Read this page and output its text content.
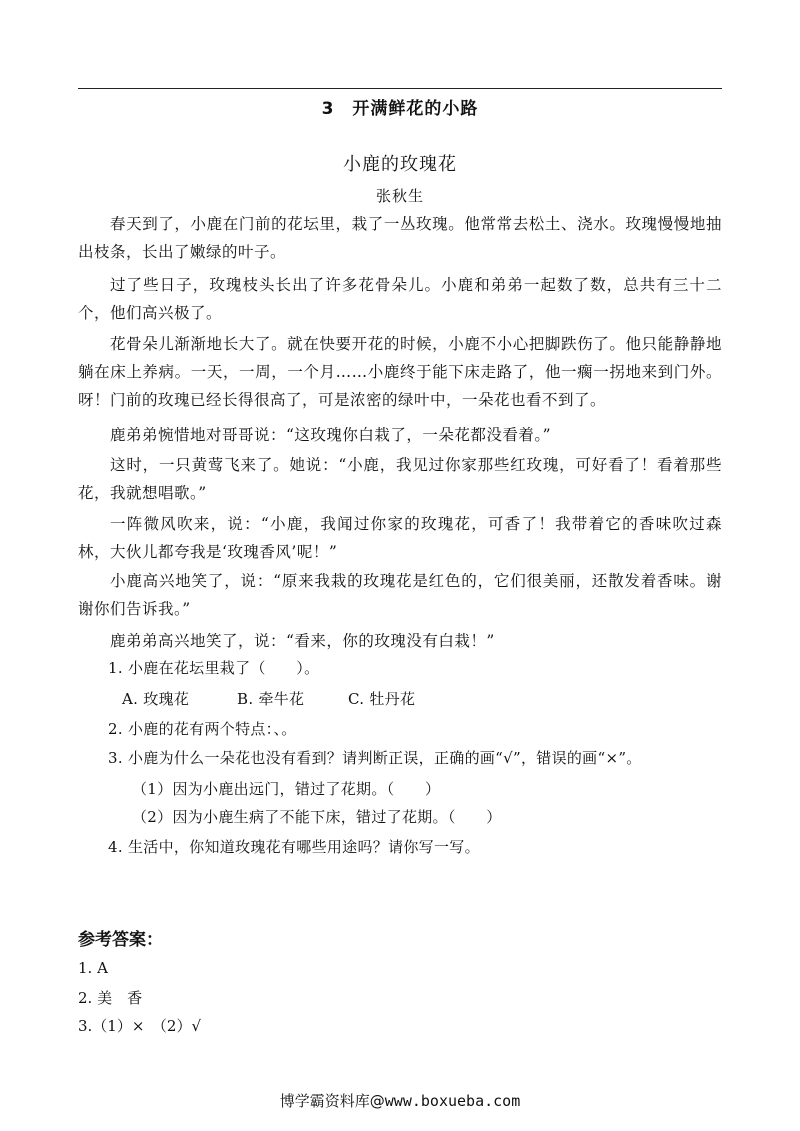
3 开满鲜花的小路
小鹿的玫瑰花
张秋生
春天到了，小鹿在门前的花坛里，栽了一丛玫瑰。他常常去松土、浇水。玫瑰慢慢地抽出枝条，长出了嫩绿的叶子。
过了些日子，玫瑰枝头长出了许多花骨朵儿。小鹿和弟弟一起数了数，总共有三十二个，他们高兴极了。
花骨朵儿渐渐地长大了。就在快要开花的时候，小鹿不小心把脚跌伤了。他只能静静地躺在床上养病。一天，一周，一个月……小鹿终于能下床走路了，他一瘸一拐地来到门外。呀！门前的玫瑰已经长得很高了，可是浓密的绿叶中，一朵花也看不到了。
鹿弟弟惋惜地对哥哥说：“这玫瑰你白栽了，一朵花都没看着。”
这时，一只黄莺飞来了。她说：“小鹿，我见过你家那些红玫瑰，可好看了！看着那些花，我就想唱歌。”
一阵微风吹来，说：“小鹿，我闻过你家的玫瑰花，可香了！我带着它的香味吹过森林，大伙儿都夸我是‘玫瑰香风’呢！”
小鹿高兴地笑了，说：“原来我栽的玫瑰花是红色的，它们很美丽，还散发着香味。谢谢你们告诉我。”
鹿弟弟高兴地笑了，说：“看来，你的玫瑰没有白栽！”
1. 小鹿在花坛里栽了（　　）。
A. 玫瑰花	B. 牵牛花	C. 牡丹花
2. 小鹿的花有两个特点：、。
3. 小鹿为什么一朵花也没有看到？请判断正误，正确的画“√”，错误的画“×”。
（1）因为小鹿出远门，错过了花期。（　　）
（2）因为小鹿生病了不能下床，错过了花期。（　　）
4. 生活中，你知道玫瑰花有哪些用途吗？请你写一写。
参考答案：
1. A
2. 美　香
3.（1）×　（2）√
博学霸资料库@www.boxueba.com
